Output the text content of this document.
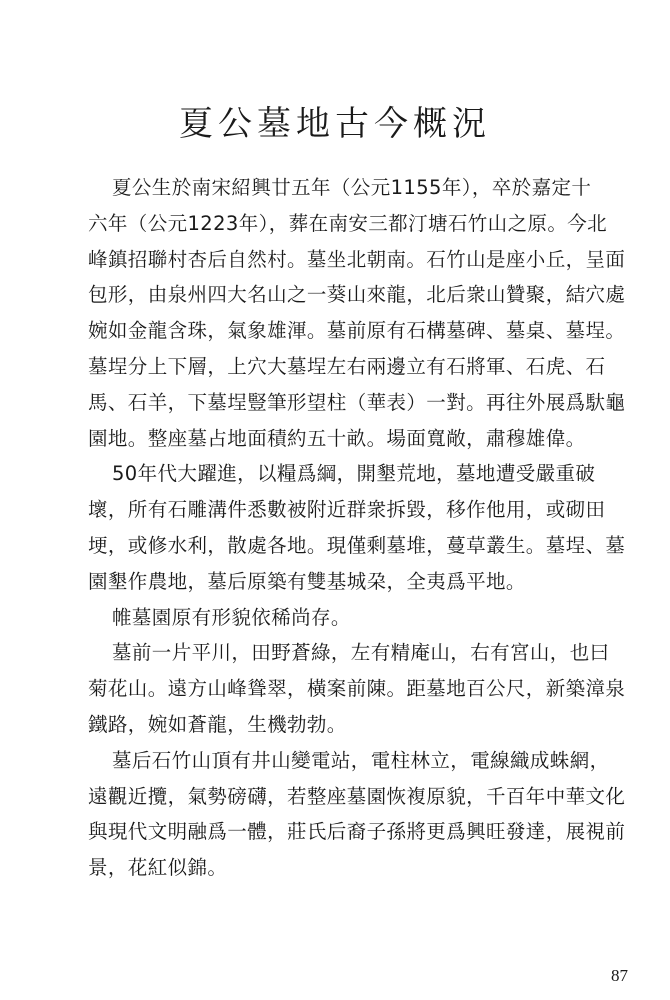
夏公墓地古今概況
夏公生於南宋紹興廿五年（公元1155年），卒於嘉定十
六年（公元1223年），葬在南安三都汀塘石竹山之原。今北
峰鎮招聯村杏后自然村。墓坐北朝南。石竹山是座小丘，呈面
包形，由泉州四大名山之一葵山來龍，北后衆山贊聚，結穴處
婉如金龍含珠，氣象雄渾。墓前原有石構墓碑、墓桌、墓埕。
墓埕分上下層，上穴大墓埕左右兩邊立有石將軍、石虎、石
馬、石羊，下墓埕豎筆形望柱（華表）一對。再往外展爲馱龜
園地。整座墓占地面積約五十畝。場面寬敞，肅穆雄偉。
50年代大躍進，以糧爲綱，開墾荒地，墓地遭受嚴重破
壞，所有石雕溝件悉數被附近群衆拆毀，移作他用，或砌田
埂，或修水利，散處各地。現僅剩墓堆，蔓草叢生。墓埕、墓
園墾作農地，墓后原築有雙基城朶，全夷爲平地。
帷墓園原有形貌依稀尚存。
墓前一片平川，田野蒼綠，左有精庵山，右有宮山，也曰
菊花山。遠方山峰聳翠，橫案前陳。距墓地百公尺，新築漳泉
鐵路，婉如蒼龍，生機勃勃。
墓后石竹山頂有井山變電站，電柱林立，電線織成蛛網，
遠觀近攬，氣勢磅礴，若整座墓園恢複原貌，千百年中華文化
與現代文明融爲一體，莊氏后裔子孫將更爲興旺發達，展視前
景，花紅似錦。
87
